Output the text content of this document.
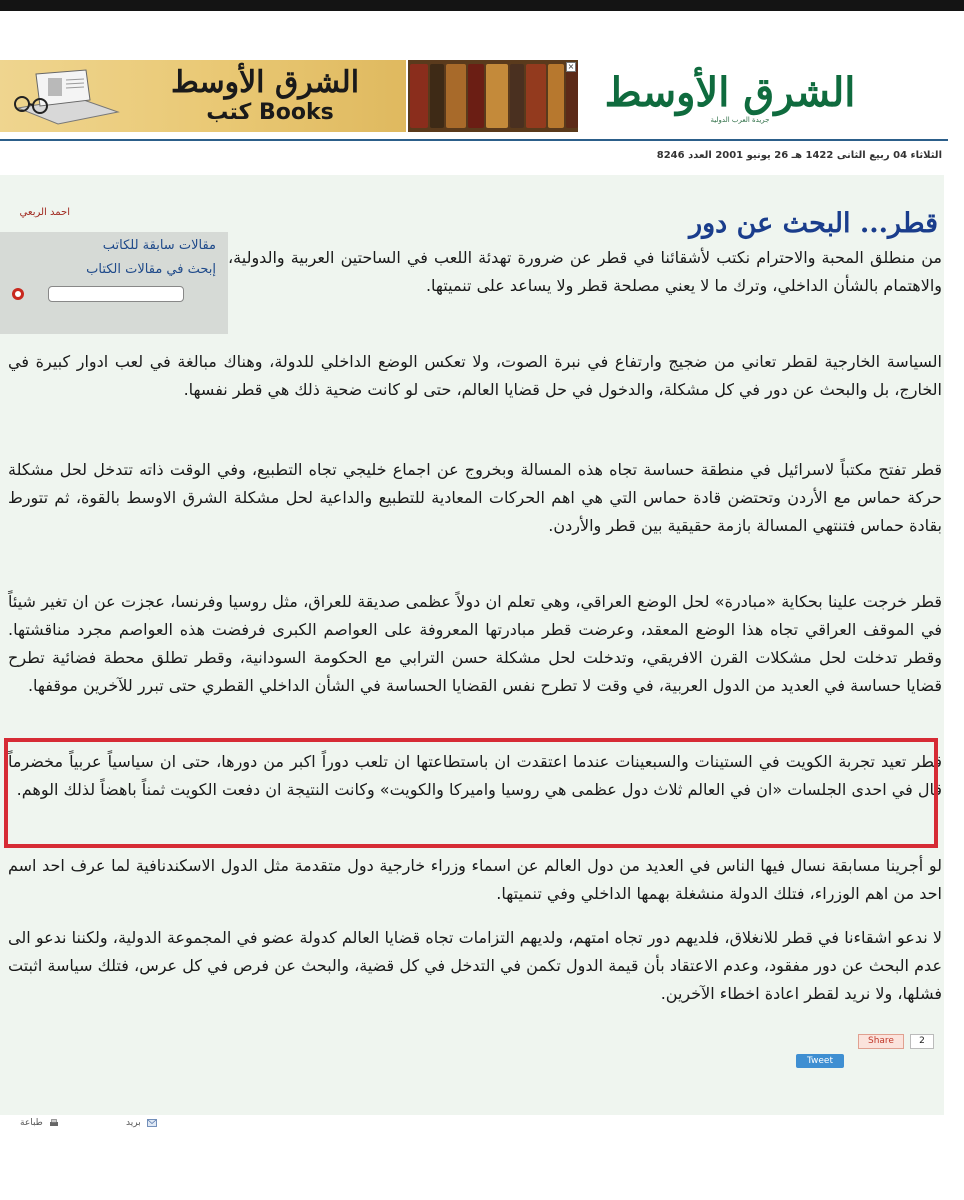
الشرق الأوسط
كتب Books
×
الشرق الأوسط
جريدة العرب الدولية
الثلاثاء 04 ربيع الثانى 1422 هـ 26 يونيو 2001 العدد 8246
احمد الربعي
مقالات سابقة للكاتب
إبحث في مقالات الكتاب
قطر... البحث عن دور

من منطلق المحبة والاحترام نكتب لأشقائنا في قطر عن ضرورة تهدئة اللعب في الساحتين العربية والدولية، والاهتمام بالشأن الداخلي، وترك ما لا يعني مصلحة قطر ولا يساعد على تنميتها.

السياسة الخارجية لقطر تعاني من ضجيج وارتفاع في نبرة الصوت، ولا تعكس الوضع الداخلي للدولة، وهناك مبالغة في لعب ادوار كبيرة في الخارج، بل والبحث عن دور في كل مشكلة، والدخول في حل قضايا العالم، حتى لو كانت ضحية ذلك هي قطر نفسها.

قطر تفتح مكتباً لاسرائيل في منطقة حساسة تجاه هذه المسالة وبخروج عن اجماع خليجي تجاه التطبيع، وفي الوقت ذاته تتدخل لحل مشكلة حركة حماس مع الأردن وتحتضن قادة حماس التي هي اهم الحركات المعادية للتطبيع والداعية لحل مشكلة الشرق الاوسط بالقوة، ثم تتورط بقادة حماس فتنتهي المسالة بازمة حقيقية بين قطر والأردن.

قطر خرجت علينا بحكاية «مبادرة» لحل الوضع العراقي، وهي تعلم ان دولاً عظمى صديقة للعراق، مثل روسيا وفرنسا، عجزت عن ان تغير شيئاً في الموقف العراقي تجاه هذا الوضع المعقد، وعرضت قطر مبادرتها المعروفة على العواصم الكبرى فرفضت هذه العواصم مجرد مناقشتها. وقطر تدخلت لحل مشكلات القرن الافريقي، وتدخلت لحل مشكلة حسن الترابي مع الحكومة السودانية، وقطر تطلق محطة فضائية تطرح قضايا حساسة في العديد من الدول العربية، في وقت لا تطرح نفس القضايا الحساسة في الشأن الداخلي القطري حتى تبرر للآخرين موقفها.

قطر تعيد تجربة الكويت في الستينات والسبعينات عندما اعتقدت ان باستطاعتها ان تلعب دوراً اكبر من دورها، حتى ان سياسياً عربياً مخضرماً قال في احدى الجلسات «ان في العالم ثلاث دول عظمى هي روسيا واميركا والكويت» وكانت النتيجة ان دفعت الكويت ثمناً باهضاً لذلك الوهم.

لو أجرينا مسابقة نسال فيها الناس في العديد من دول العالم عن اسماء وزراء خارجية دول متقدمة مثل الدول الاسكندنافية لما عرف احد اسم احد من اهم الوزراء، فتلك الدولة منشغلة بهمها الداخلي وفي تنميتها.

لا ندعو اشقاءنا في قطر للانغلاق، فلديهم دور تجاه امتهم، ولديهم التزامات تجاه قضايا العالم كدولة عضو في المجموعة الدولية، ولكننا ندعو الى عدم البحث عن دور مفقود، وعدم الاعتقاد بأن قيمة الدول تكمن في التدخل في كل قضية، والبحث عن فرص في كل عرس، فتلك سياسة اثبتت فشلها، ولا نريد لقطر اعادة اخطاء الآخرين.

Share	2
Tweet
طباعة	بريد
